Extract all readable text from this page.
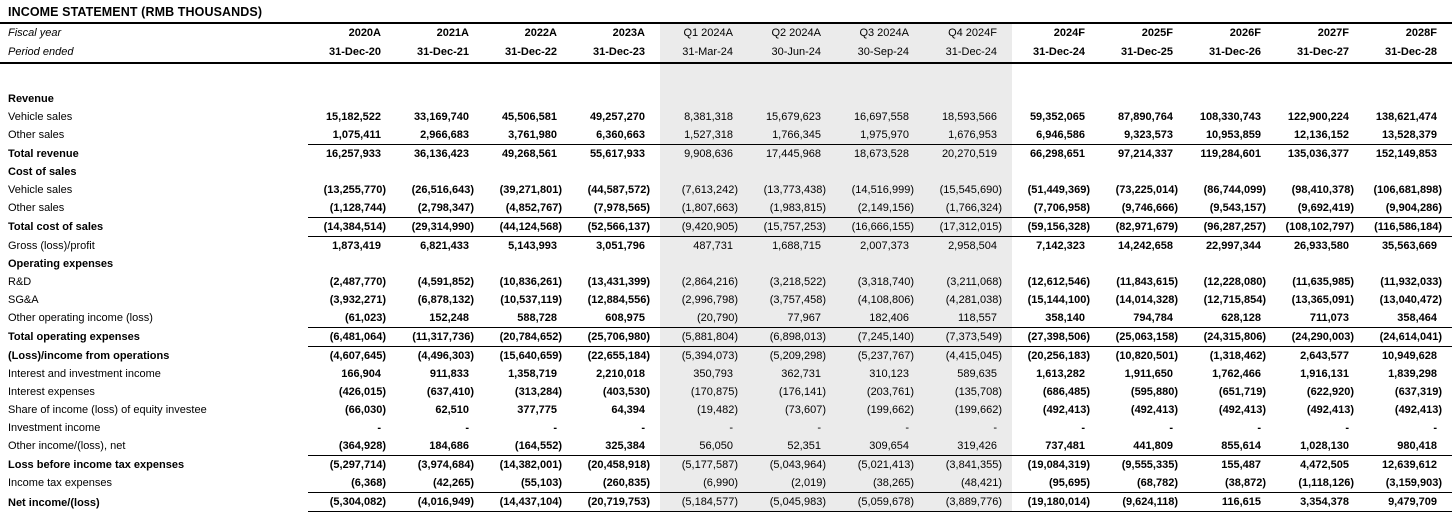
INCOME STATEMENT (RMB THOUSANDS)
Fiscal year	2020A	2021A	2022A	2023A	Q1 2024A	Q2 2024A	Q3 2024A	Q4 2024F	2024F	2025F	2026F	2027F	2028F
Period ended	31-Dec-20	31-Dec-21	31-Dec-22	31-Dec-23	31-Mar-24	30-Jun-24	30-Sep-24	31-Dec-24	31-Dec-24	31-Dec-25	31-Dec-26	31-Dec-27	31-Dec-28

Revenue													
Vehicle sales	15,182,522	33,169,740	45,506,581	49,257,270	8,381,318	15,679,623	16,697,558	18,593,566	59,352,065	87,890,764	108,330,743	122,900,224	138,621,474
Other sales	1,075,411	2,966,683	3,761,980	6,360,663	1,527,318	1,766,345	1,975,970	1,676,953	6,946,586	9,323,573	10,953,859	12,136,152	13,528,379
Total revenue	16,257,933	36,136,423	49,268,561	55,617,933	9,908,636	17,445,968	18,673,528	20,270,519	66,298,651	97,214,337	119,284,601	135,036,377	152,149,853
Cost of sales													
Vehicle sales	(13,255,770)	(26,516,643)	(39,271,801)	(44,587,572)	(7,613,242)	(13,773,438)	(14,516,999)	(15,545,690)	(51,449,369)	(73,225,014)	(86,744,099)	(98,410,378)	(106,681,898)
Other sales	(1,128,744)	(2,798,347)	(4,852,767)	(7,978,565)	(1,807,663)	(1,983,815)	(2,149,156)	(1,766,324)	(7,706,958)	(9,746,666)	(9,543,157)	(9,692,419)	(9,904,286)
Total cost of sales	(14,384,514)	(29,314,990)	(44,124,568)	(52,566,137)	(9,420,905)	(15,757,253)	(16,666,155)	(17,312,015)	(59,156,328)	(82,971,679)	(96,287,257)	(108,102,797)	(116,586,184)
Gross (loss)/profit	1,873,419	6,821,433	5,143,993	3,051,796	487,731	1,688,715	2,007,373	2,958,504	7,142,323	14,242,658	22,997,344	26,933,580	35,563,669
Operating expenses													
R&D	(2,487,770)	(4,591,852)	(10,836,261)	(13,431,399)	(2,864,216)	(3,218,522)	(3,318,740)	(3,211,068)	(12,612,546)	(11,843,615)	(12,228,080)	(11,635,985)	(11,932,033)
SG&A	(3,932,271)	(6,878,132)	(10,537,119)	(12,884,556)	(2,996,798)	(3,757,458)	(4,108,806)	(4,281,038)	(15,144,100)	(14,014,328)	(12,715,854)	(13,365,091)	(13,040,472)
Other operating income (loss)	(61,023)	152,248	588,728	608,975	(20,790)	77,967	182,406	118,557	358,140	794,784	628,128	711,073	358,464
Total operating expenses	(6,481,064)	(11,317,736)	(20,784,652)	(25,706,980)	(5,881,804)	(6,898,013)	(7,245,140)	(7,373,549)	(27,398,506)	(25,063,158)	(24,315,806)	(24,290,003)	(24,614,041)
(Loss)/income from operations	(4,607,645)	(4,496,303)	(15,640,659)	(22,655,184)	(5,394,073)	(5,209,298)	(5,237,767)	(4,415,045)	(20,256,183)	(10,820,501)	(1,318,462)	2,643,577	10,949,628
Interest and investment income	166,904	911,833	1,358,719	2,210,018	350,793	362,731	310,123	589,635	1,613,282	1,911,650	1,762,466	1,916,131	1,839,298
Interest expenses	(426,015)	(637,410)	(313,284)	(403,530)	(170,875)	(176,141)	(203,761)	(135,708)	(686,485)	(595,880)	(651,719)	(622,920)	(637,319)
Share of income (loss) of equity investee	(66,030)	62,510	377,775	64,394	(19,482)	(73,607)	(199,662)	(199,662)	(492,413)	(492,413)	(492,413)	(492,413)	(492,413)
Investment income	-	-	-	-	-	-	-	-	-	-	-	-	-
Other income/(loss), net	(364,928)	184,686	(164,552)	325,384	56,050	52,351	309,654	319,426	737,481	441,809	855,614	1,028,130	980,418
Loss before income tax expenses	(5,297,714)	(3,974,684)	(14,382,001)	(20,458,918)	(5,177,587)	(5,043,964)	(5,021,413)	(3,841,355)	(19,084,319)	(9,555,335)	155,487	4,472,505	12,639,612
Income tax expenses	(6,368)	(42,265)	(55,103)	(260,835)	(6,990)	(2,019)	(38,265)	(48,421)	(95,695)	(68,782)	(38,872)	(1,118,126)	(3,159,903)
Net income/(loss)	(5,304,082)	(4,016,949)	(14,437,104)	(20,719,753)	(5,184,577)	(5,045,983)	(5,059,678)	(3,889,776)	(19,180,014)	(9,624,118)	116,615	3,354,378	9,479,709
